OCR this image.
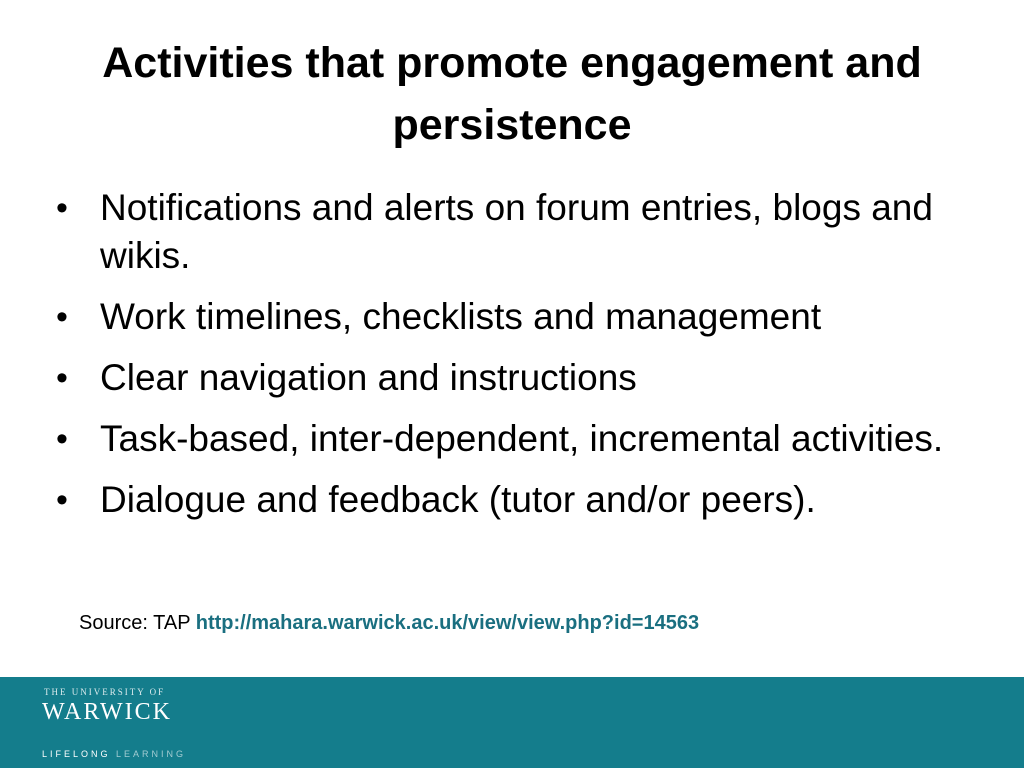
Activities that promote engagement and persistence
• Notifications and alerts on forum entries, blogs and wikis.
• Work timelines, checklists and management
• Clear navigation and instructions
• Task-based, inter-dependent, incremental activities.
• Dialogue and feedback (tutor and/or peers).
Source: TAP http://mahara.warwick.ac.uk/view/view.php?id=14563
THE UNIVERSITY OF
WARWICK
LIFELONG LEARNING
